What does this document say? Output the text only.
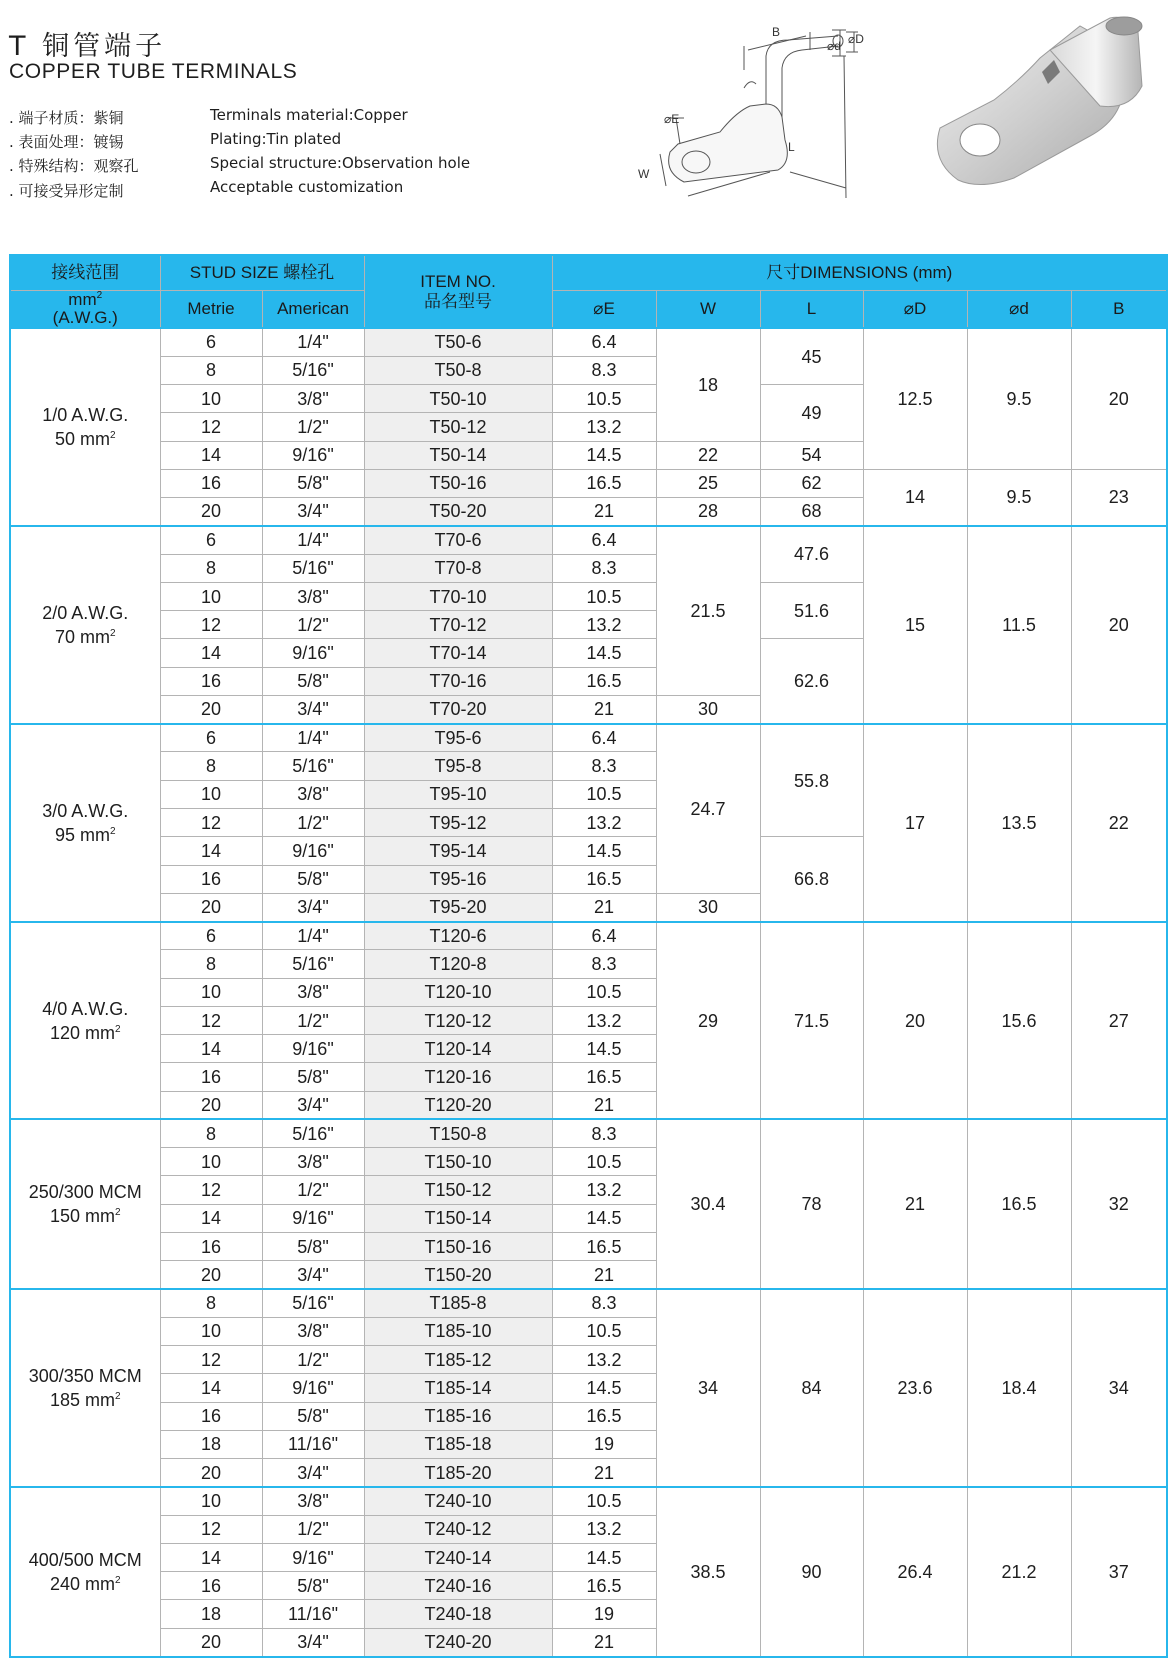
T 铜管端子
COPPER TUBE TERMINALS
. 端子材质：紫铜	Terminals material:Copper
. 表面处理：镀锡	Plating:Tin plated
. 特殊结构：观察孔	Special structure:Observation hole
. 可接受异形定制	Acceptable customization
B
⌀d ⌀D
⌀E
L
W
接线范围	STUD SIZE 螺栓孔		ITEM NO.
品名型号	尺寸DIMENSIONS (mm)					

$mm^2$
(A.W.G.)	Metrie	American		⌀E	W	L	⌀D	⌀d	B

1/0 A.W.G.
50 $mm^2$	6	1/4"	T50-6	6.4	18	45	12.5	9.5	20
	8	5/16"	T50-8	8.3					
	10	3/8"	T50-10	10.5		49			
	12	1/2"	T50-12	13.2					
	14	9/16"	T50-14	14.5	22	54			
	16	5/8"	T50-16	16.5	25	62	14	9.5	23
	20	3/4"	T50-20	21	28	68			

2/0 A.W.G.
70 $mm^2$	6	1/4"	T70-6	6.4	21.5	47.6	15	11.5	20
	8	5/16"	T70-8	8.3					
	10	3/8"	T70-10	10.5		51.6			
	12	1/2"	T70-12	13.2					
	14	9/16"	T70-14	14.5		62.6			
	16	5/8"	T70-16	16.5					
	20	3/4"	T70-20	21	30				

3/0 A.W.G.
95 $mm^2$	6	1/4"	T95-6	6.4	24.7	55.8	17	13.5	22
	8	5/16"	T95-8	8.3					
	10	3/8"	T95-10	10.5					
	12	1/2"	T95-12	13.2					
	14	9/16"	T95-14	14.5		66.8			
	16	5/8"	T95-16	16.5					
	20	3/4"	T95-20	21	30				

4/0 A.W.G.
120 $mm^2$	6	1/4"	T120-6	6.4	29	71.5	20	15.6	27
	8	5/16"	T120-8	8.3					
	10	3/8"	T120-10	10.5					
	12	1/2"	T120-12	13.2					
	14	9/16"	T120-14	14.5					
	16	5/8"	T120-16	16.5					
	20	3/4"	T120-20	21					

250/300 MCM
150 $mm^2$	8	5/16"	T150-8	8.3	30.4	78	21	16.5	32
	10	3/8"	T150-10	10.5					
	12	1/2"	T150-12	13.2					
	14	9/16"	T150-14	14.5					
	16	5/8"	T150-16	16.5					
	20	3/4"	T150-20	21					

300/350 MCM
185 $mm^2$	8	5/16"	T185-8	8.3	34	84	23.6	18.4	34
	10	3/8"	T185-10	10.5					
	12	1/2"	T185-12	13.2					
	14	9/16"	T185-14	14.5					
	16	5/8"	T185-16	16.5					
	18	11/16"	T185-18	19					
	20	3/4"	T185-20	21					

400/500 MCM
240 $mm^2$	10	3/8"	T240-10	10.5	38.5	90	26.4	21.2	37
	12	1/2"	T240-12	13.2					
	14	9/16"	T240-14	14.5					
	16	5/8"	T240-16	16.5					
	18	11/16"	T240-18	19					
	20	3/4"	T240-20	21					
